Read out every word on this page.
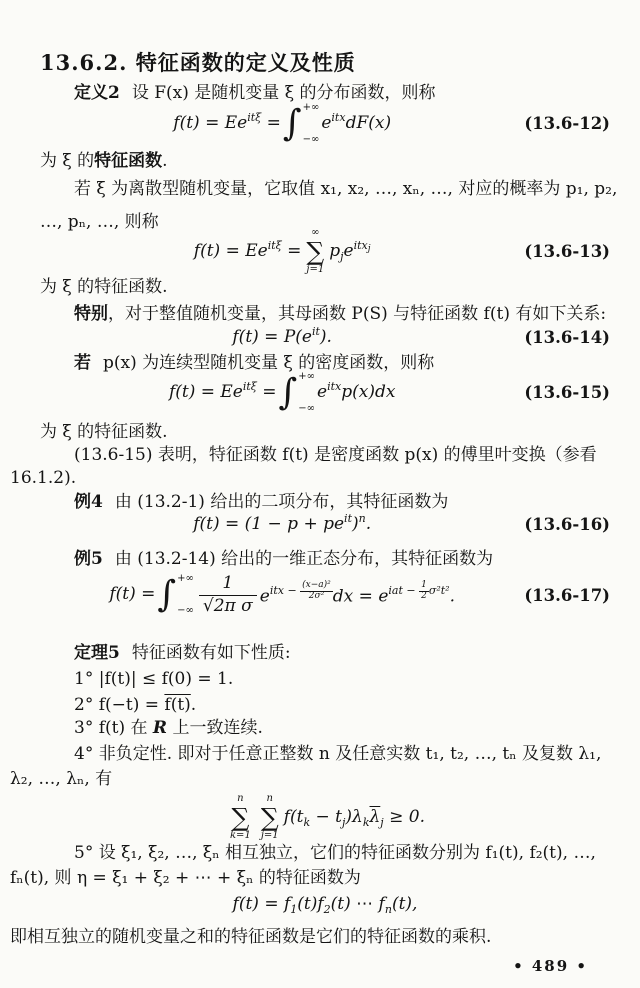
13.6.2. 特征函数的定义及性质
定义2 设 F(x) 是随机变量 ξ 的分布函数，则称
$f(t) = Ee^{it\xi}$ = ∫ +∞
−∞
$e^{itx}dF(x)$	(13.6-12)
为 ξ 的特征函数.
若 ξ 为离散型随机变量，它取值 x₁, x₂, …, xₙ, …, 对应的概率为 p₁, p₂,
…, pₙ, …, 则称
$f(t) = Ee^{it\xi}$ =
∞
∑
j=1
$p_je^{itxj}$	(13.6-13)
为 ξ 的特征函数.
特别，对于整值随机变量，其母函数 P(S) 与特征函数 f(t) 有如下关系:
$f(t) = P(e^{it})$.	(13.6-14)
若 p(x) 为连续型随机变量 ξ 的密度函数，则称
$f(t) = Ee^{it\xi}$ = ∫ +∞
−∞
$e^{itx}p(x)dx$	(13.6-15)
为 ξ 的特征函数.
(13.6-15) 表明，特征函数 f(t) 是密度函数 p(x) 的傅里叶变换（参看
16.1.2).
例4 由 (13.2-1) 给出的二项分布，其特征函数为
$f(t) = (1 - p + pe^{it})^n$.	(13.6-16)
例5 由 (13.2-14) 给出的一维正态分布，其特征函数为
f(t) = ∫ +∞
−∞ $\frac{1}{\text{√2π σ}} e^{itx - \frac{\text{(x−a)²}}{\text{2σ²}}}$ dx = $e^{iat - \frac{1}{2} \sigma^2t^2}$.	(13.6-17)
定理5 特征函数有如下性质:
1° |f(t)| ≤ f(0) = 1.
2° f(−t) = f(t).
3° f(t) 在 R 上一致连续.
4° 非负定性. 即对于任意正整数 n 及任意实数 t₁, t₂, …, tₙ 及复数 λ₁,
λ₂, …, λₙ, 有
n
∑
k=1
n
∑
j=1
$f(t_k - t_j)\lambda_k\overline{\lambda}_j \ge 0$.
5° 设 ξ₁, ξ₂, …, ξₙ 相互独立，它们的特征函数分别为 f₁(t), f₂(t), …,
fₙ(t), 则 η = ξ₁ + ξ₂ + ⋯ + ξₙ 的特征函数为
$f(t) = f_1(t)f_2(t)$ ⋯ $f_n(t)$,
即相互独立的随机变量之和的特征函数是它们的特征函数的乘积.
• 489 •
